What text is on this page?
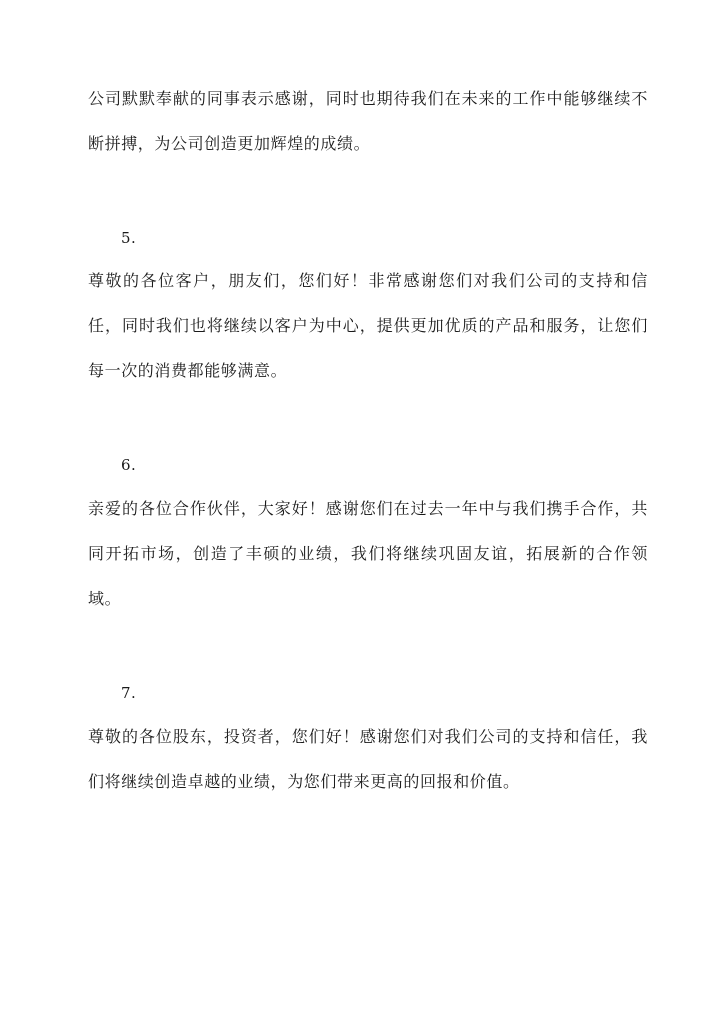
公司默默奉献的同事表示感谢，同时也期待我们在未来的工作中能够继续不断拼搏，为公司创造更加辉煌的成绩。

5.

尊敬的各位客户，朋友们，您们好！非常感谢您们对我们公司的支持和信任，同时我们也将继续以客户为中心，提供更加优质的产品和服务，让您们每一次的消费都能够满意。

6.

亲爱的各位合作伙伴，大家好！感谢您们在过去一年中与我们携手合作，共同开拓市场，创造了丰硕的业绩，我们将继续巩固友谊，拓展新的合作领域。

7.

尊敬的各位股东，投资者，您们好！感谢您们对我们公司的支持和信任，我们将继续创造卓越的业绩，为您们带来更高的回报和价值。
